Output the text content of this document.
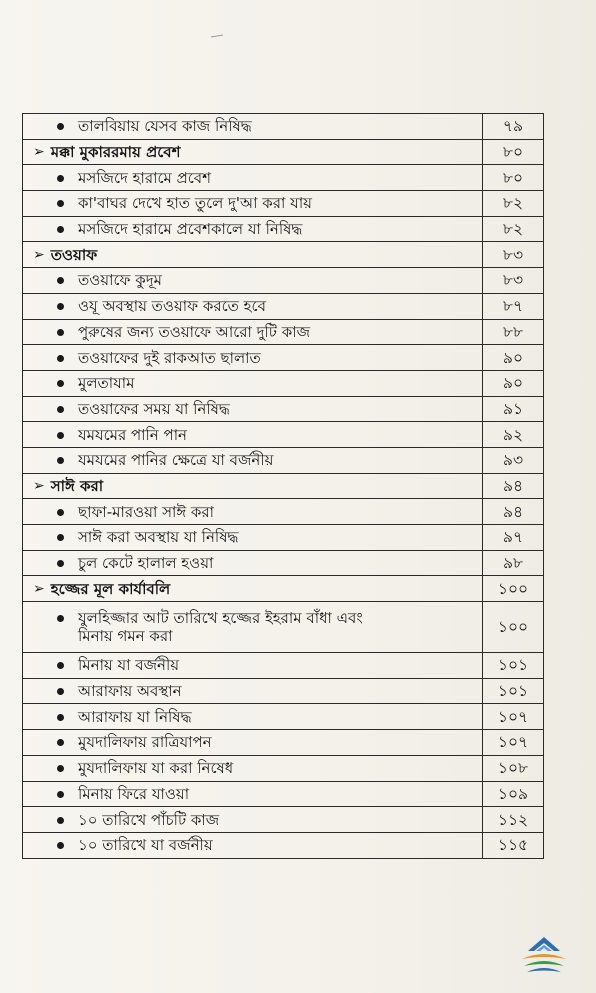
তালবিয়ায় যেসব কাজ নিষিদ্ধ	৭৯

➢ মক্কা মুকাররমায় প্রবেশ	৮০

মসজিদে হারামে প্রবেশ	৮০

কা'বাঘর দেখে হাত তুলে দু'আ করা যায়	৮২

মসজিদে হারামে প্রবেশকালে যা নিষিদ্ধ	৮২

➢ তওয়াফ	৮৩

তওয়াফে কুদূম	৮৩

ওযূ অবস্থায় তওয়াফ করতে হবে	৮৭

পুরুষের জন্য তওয়াফে আরো দুটি কাজ	৮৮

তওয়াফের দুই রাকআত ছালাত	৯০

মুলতাযাম	৯০

তওয়াফের সময় যা নিষিদ্ধ	৯১

যমযমের পানি পান	৯২

যমযমের পানির ক্ষেত্রে যা বর্জনীয়	৯৩

➢ সাঈ করা	৯৪

ছাফা-মারওয়া সাঈ করা	৯৪

সাঈ করা অবস্থায় যা নিষিদ্ধ	৯৭

চুল কেটে হালাল হওয়া	৯৮

➢ হজ্জের মূল কার্যাবলি	১০০

যুলহিজ্জার আট তারিখে হজ্জের ইহরাম বাঁধা এবং
মিনায় গমন করা	১০০

মিনায় যা বর্জনীয়	১০১

আরাফায় অবস্থান	১০১

আরাফায় যা নিষিদ্ধ	১০৭

মুযদালিফায় রাত্রিযাপন	১০৭

মুযদালিফায় যা করা নিষেধ	১০৮

মিনায় ফিরে যাওয়া	১০৯

১০ তারিখে পাঁচটি কাজ	১১২

১০ তারিখে যা বর্জনীয়	১১৫
